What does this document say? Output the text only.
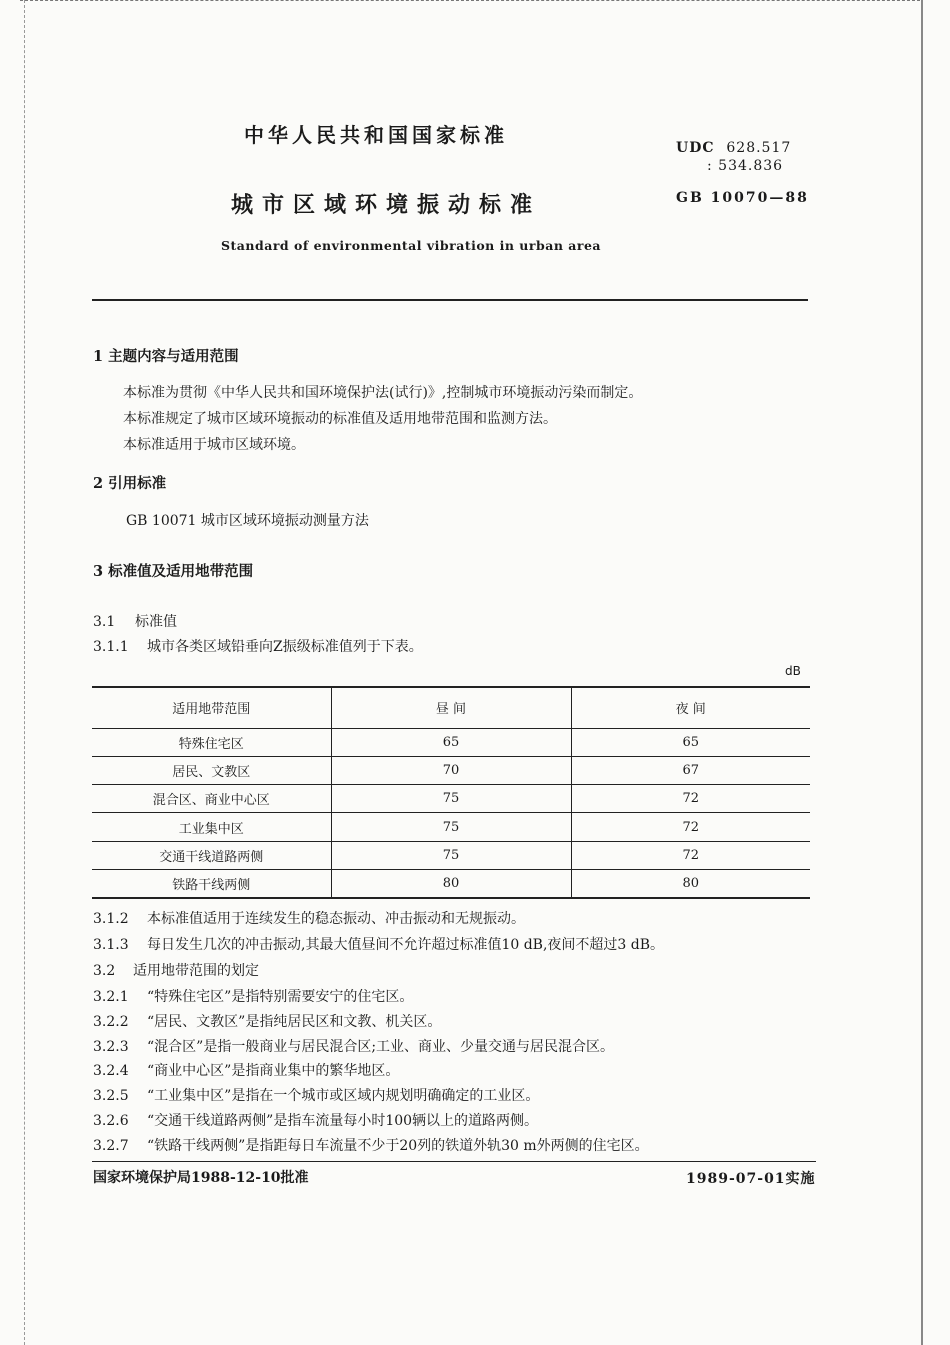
中华人民共和国国家标准
城市区域环境振动标准
Standard of environmental vibration in urban area
UDC 628.517
: 534.836
GB 10070—88
1 主题内容与适用范围
本标准为贯彻《中华人民共和国环境保护法(试行)》,控制城市环境振动污染而制定。
本标准规定了城市区域环境振动的标准值及适用地带范围和监测方法。
本标准适用于城市区域环境。
2 引用标准
GB 10071 城市区域环境振动测量方法
3 标准值及适用地带范围
3.1 标准值
3.1.1 城市各类区域铅垂向Z振级标准值列于下表。
dB
适用地带范围	昼 间	夜 间
特殊住宅区	65	65
居民、文教区	70	67
混合区、商业中心区	75	72
工业集中区	75	72
交通干线道路两侧	75	72
铁路干线两侧	80	80
3.1.2 本标准值适用于连续发生的稳态振动、冲击振动和无规振动。
3.1.3 每日发生几次的冲击振动,其最大值昼间不允许超过标准值10 dB,夜间不超过3 dB。
3.2 适用地带范围的划定
3.2.1 “特殊住宅区”是指特别需要安宁的住宅区。
3.2.2 “居民、文教区”是指纯居民区和文教、机关区。
3.2.3 “混合区”是指一般商业与居民混合区;工业、商业、少量交通与居民混合区。
3.2.4 “商业中心区”是指商业集中的繁华地区。
3.2.5 “工业集中区”是指在一个城市或区域内规划明确确定的工业区。
3.2.6 “交通干线道路两侧”是指车流量每小时100辆以上的道路两侧。
3.2.7 “铁路干线两侧”是指距每日车流量不少于20列的铁道外轨30 m外两侧的住宅区。
国家环境保护局1988-12-10批准	1989-07-01实施
